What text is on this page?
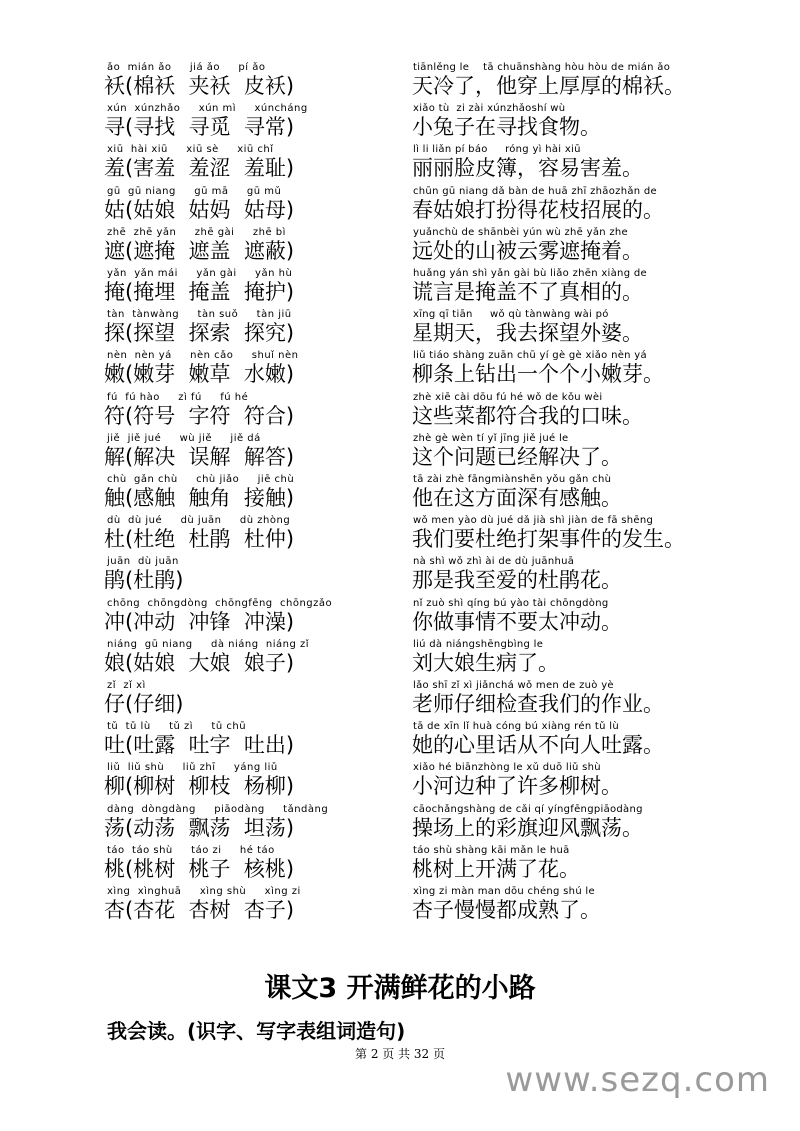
ǎo  mián ǎo     jiá ǎo     pí ǎo
袄(棉袄  夹袄  皮袄)
tiānlěng le    tā chuānshàng hòu hòu de mián ǎo
天冷了，他穿上厚厚的棉袄。
xún  xúnzhǎo     xún mì     xúncháng
寻(寻找  寻觅  寻常)
xiǎo tù  zi zài xúnzhǎoshí wù
小兔子在寻找食物。
xiū  hài xiū     xiū sè     xiū chǐ
羞(害羞  羞涩  羞耻)
lì li liǎn pí báo     róng yì hài xiū
丽丽脸皮簿，容易害羞。
gū  gū niang     gū mā     gū mǔ
姑(姑娘  姑妈  姑母)
chūn gū niang dǎ bàn de huā zhī zhāozhǎn de
春姑娘打扮得花枝招展的。
zhē  zhē yǎn     zhē gài     zhē bì
遮(遮掩  遮盖  遮蔽)
yuǎnchù de shānbèi yún wù zhē yǎn zhe
远处的山被云雾遮掩着。
yǎn  yǎn mái     yǎn gài     yǎn hù
掩(掩埋  掩盖  掩护)
huǎng yán shì yǎn gài bù liǎo zhēn xiàng de
谎言是掩盖不了真相的。
tàn  tànwàng     tàn suǒ     tàn jiū
探(探望  探索  探究)
xīng qī tiān     wǒ qù tànwàng wài pó
星期天，我去探望外婆。
nèn  nèn yá     nèn cǎo     shuǐ nèn
嫩(嫩芽  嫩草  水嫩)
liǔ tiáo shàng zuān chū yí gè gè xiǎo nèn yá
柳条上钻出一个个小嫩芽。
fú  fú hào     zì fú     fú hé
符(符号  字符  符合)
zhè xiē cài dōu fú hé wǒ de kǒu wèi
这些菜都符合我的口味。
jiě  jiě jué     wù jiě     jiě dá
解(解决  误解  解答)
zhè gè wèn tí yǐ jīng jiě jué le
这个问题已经解决了。
chù  gǎn chù     chù jiǎo     jiē chù
触(感触  触角  接触)
tā zài zhè fāngmiànshēn yǒu gǎn chù
他在这方面深有感触。
dù  dù jué     dù juān     dù zhòng
杜(杜绝  杜鹃  杜仲)
wǒ men yào dù jué dǎ jià shì jiàn de fā shēng
我们要杜绝打架事件的发生。
juān  dù juān
鹃(杜鹃)
nà shì wǒ zhì ài de dù juānhuā
那是我至爱的杜鹃花。
chōng  chōngdòng  chōngfēng  chōngzǎo
冲(冲动  冲锋  冲澡)
nǐ zuò shì qíng bú yào tài chōngdòng
你做事情不要太冲动。
niáng  gū niang     dà niáng  niáng zǐ
娘(姑娘  大娘  娘子)
liú dà niángshēngbìng le
刘大娘生病了。
zǐ  zǐ xì
仔(仔细)
lǎo shī zǐ xì jiǎnchá wǒ men de zuò yè
老师仔细检查我们的作业。
tǔ  tǔ lù     tǔ zì     tǔ chū
吐(吐露  吐字  吐出)
tā de xīn lǐ huà cóng bú xiàng rén tǔ lù
她的心里话从不向人吐露。
liǔ  liǔ shù     liǔ zhī     yáng liǔ
柳(柳树  柳枝  杨柳)
xiǎo hé biānzhòng le xǔ duō liǔ shù
小河边种了许多柳树。
dàng  dòngdàng     piāodàng     tǎndàng
荡(动荡  飘荡  坦荡)
cāochǎngshàng de cǎi qí yíngfēngpiāodàng
操场上的彩旗迎风飘荡。
táo  táo shù     táo zi     hé táo
桃(桃树  桃子  核桃)
táo shù shàng kāi mǎn le huā
桃树上开满了花。
xìng  xìnghuā     xìng shù     xìng zi
杏(杏花  杏树  杏子)
xìng zi màn man dōu chéng shú le
杏子慢慢都成熟了。
课文3 开满鲜花的小路
我会读。(识字、写字表组词造句)
第 2 页 共 32 页
www.sezq.com
